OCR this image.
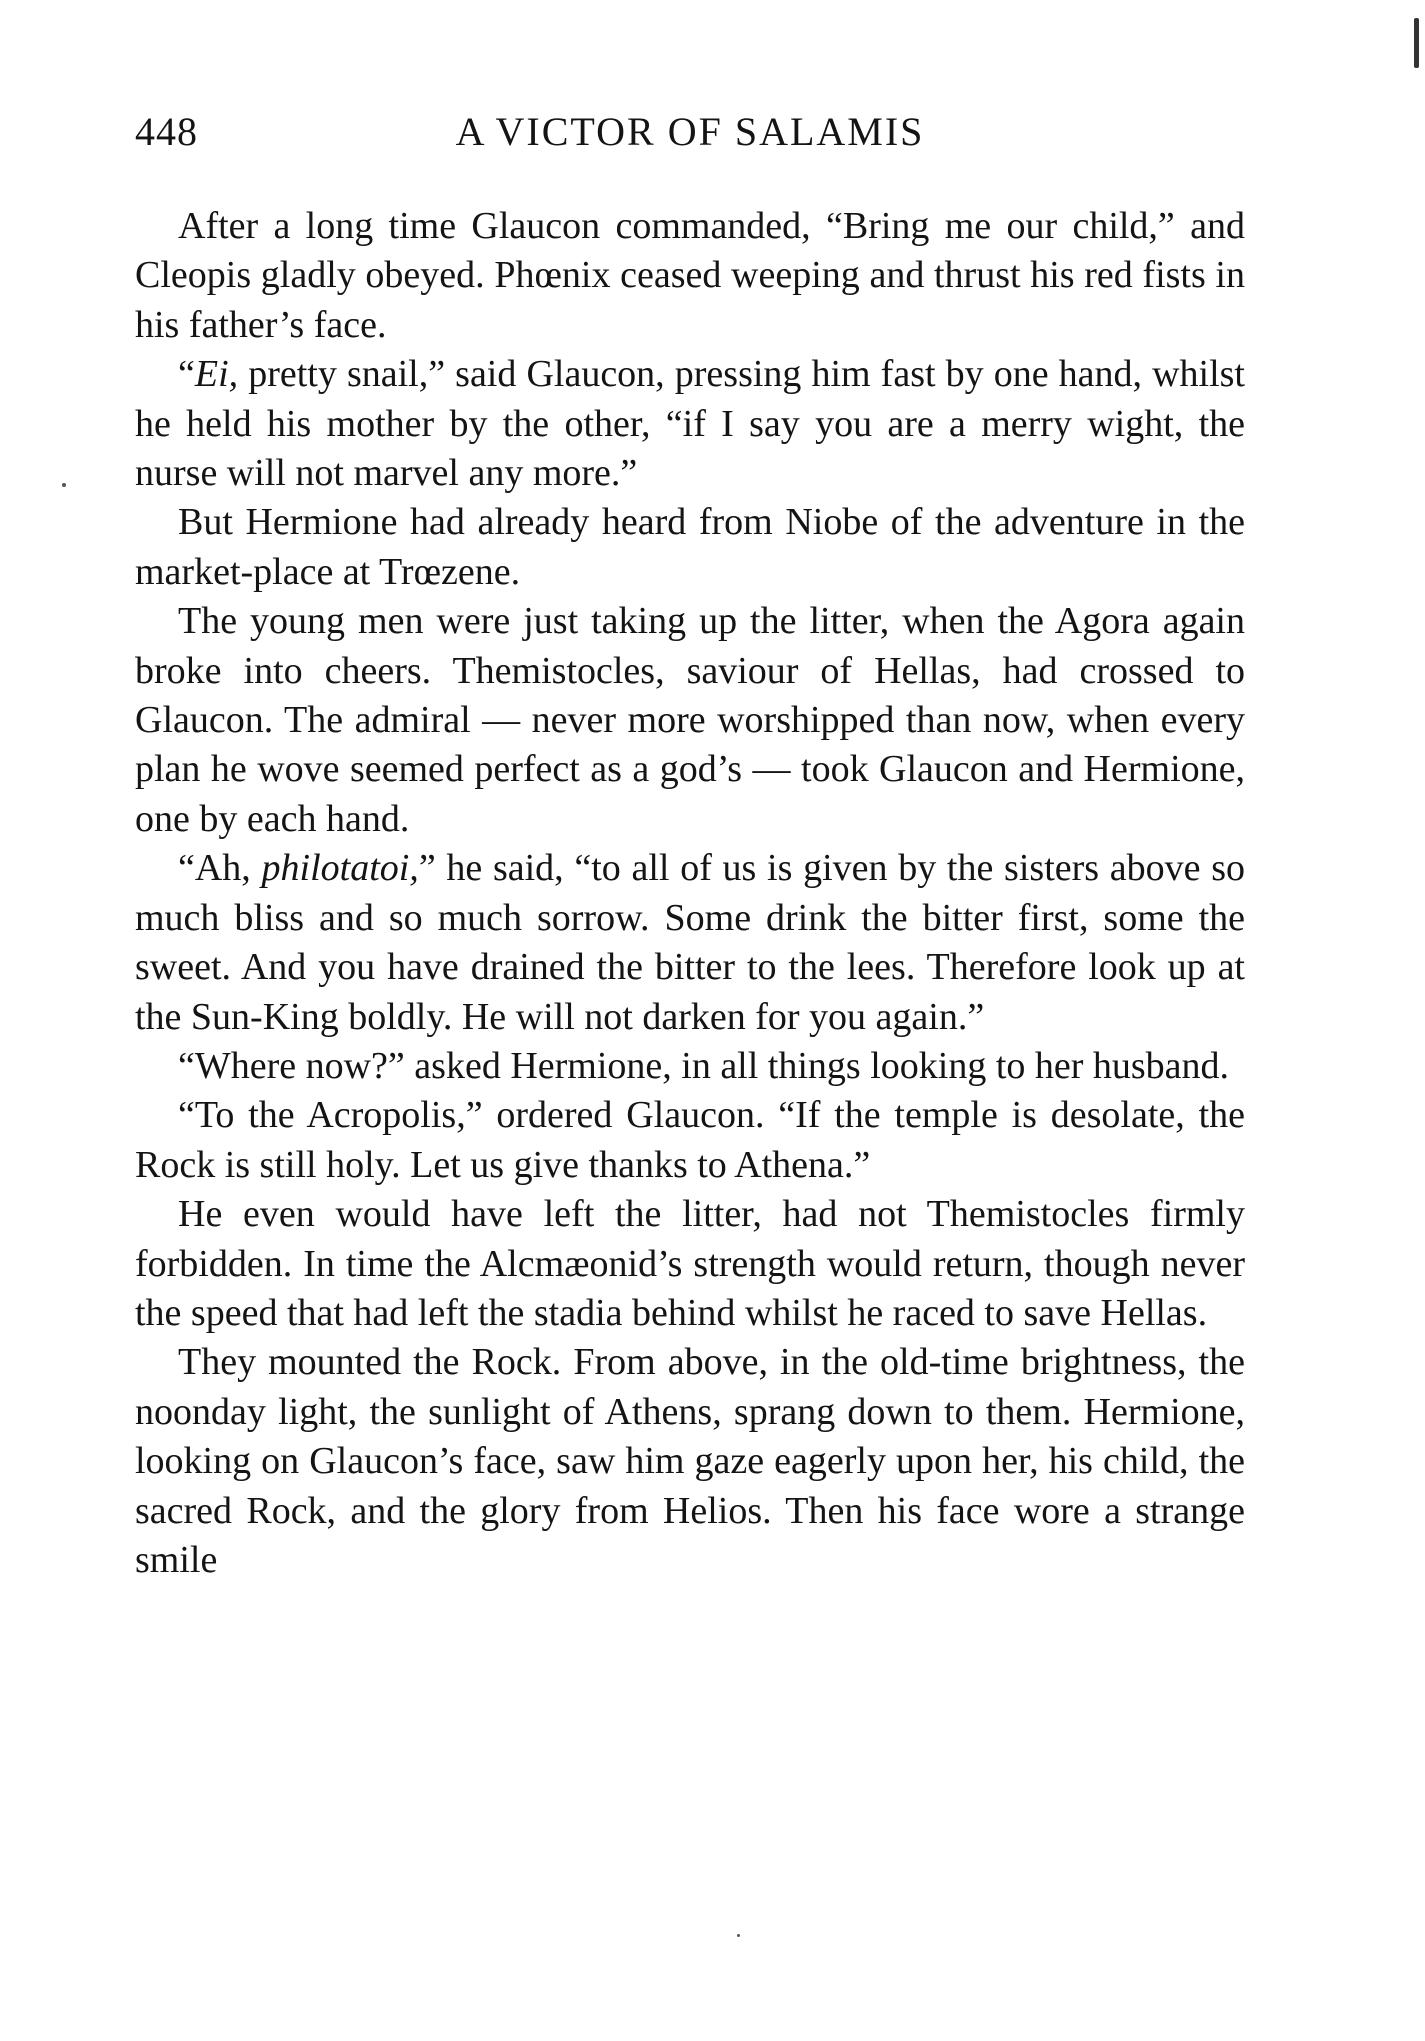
448	A VICTOR OF SALAMIS

After a long time Glaucon commanded, “Bring me our child,” and Cleopis gladly obeyed. Phœnix ceased weeping and thrust his red fists in his father’s face.

“Ei, pretty snail,” said Glaucon, pressing him fast by one hand, whilst he held his mother by the other, “if I say you are a merry wight, the nurse will not marvel any more.”

But Hermione had already heard from Niobe of the adventure in the market-place at Trœzene.

The young men were just taking up the litter, when the Agora again broke into cheers. Themistocles, saviour of Hellas, had crossed to Glaucon. The admiral — never more worshipped than now, when every plan he wove seemed perfect as a god’s — took Glaucon and Hermione, one by each hand.

“Ah, philotatoi,” he said, “to all of us is given by the sisters above so much bliss and so much sorrow. Some drink the bitter first, some the sweet. And you have drained the bitter to the lees. Therefore look up at the Sun-King boldly. He will not darken for you again.”

“Where now?” asked Hermione, in all things looking to her husband.

“To the Acropolis,” ordered Glaucon. “If the temple is desolate, the Rock is still holy. Let us give thanks to Athena.”

He even would have left the litter, had not Themistocles firmly forbidden. In time the Alcmæonid’s strength would return, though never the speed that had left the stadia behind whilst he raced to save Hellas.

They mounted the Rock. From above, in the old-time brightness, the noonday light, the sunlight of Athens, sprang down to them. Hermione, looking on Glaucon’s face, saw him gaze eagerly upon her, his child, the sacred Rock, and the glory from Helios. Then his face wore a strange smile
